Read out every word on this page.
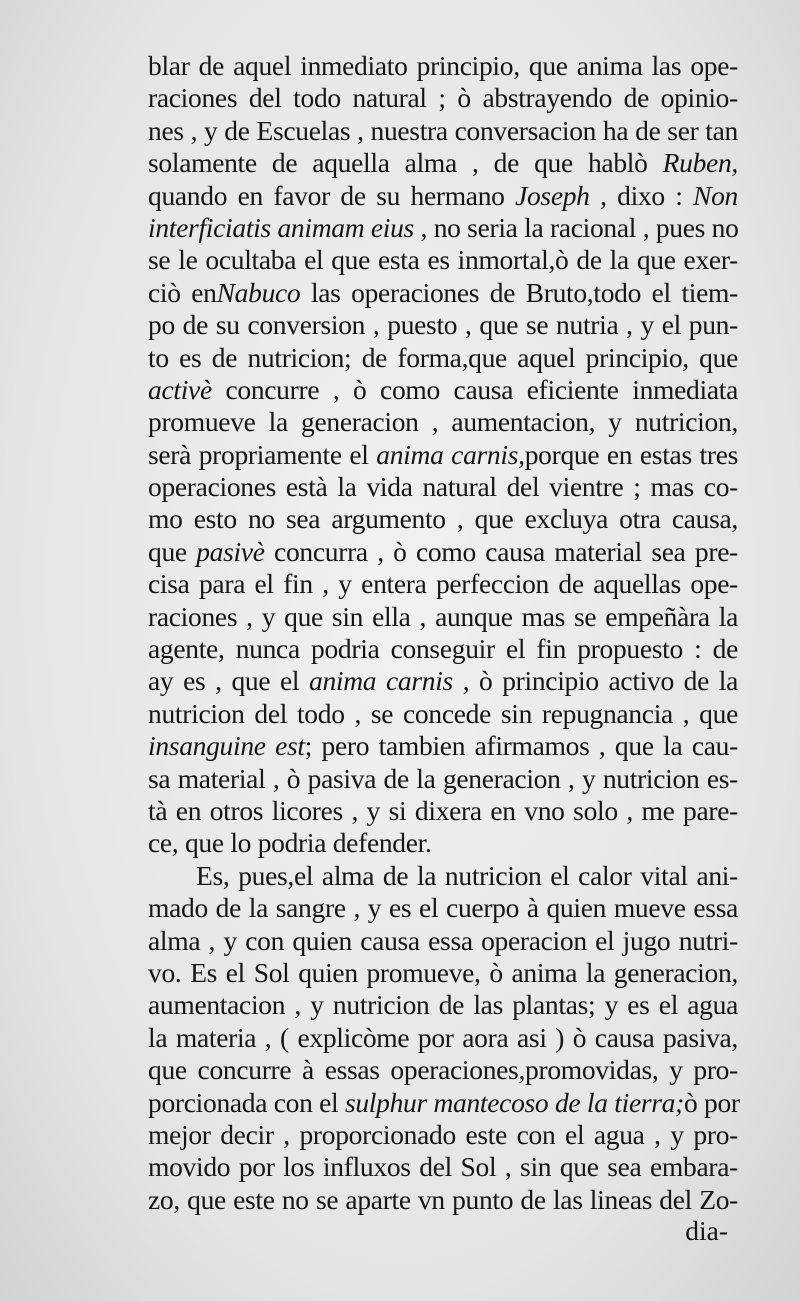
blar de aquel inmediato principio, que anima las ope-
raciones del todo natural ; ò abstrayendo de opinio-
nes , y de Escuelas , nuestra conversacion ha de ser tan
solamente de aquella alma , de que hablò Ruben,
quando en favor de su hermano Joseph , dixo : Non
interficiatis animam eius , no seria la racional , pues no
se le ocultaba el que esta es inmortal,ò de la que exer-
ciò enNabuco las operaciones de Bruto,todo el tiem-
po de su conversion , puesto , que se nutria , y el pun-
to es de nutricion; de forma,que aquel principio, que
activè concurre , ò como causa eficiente inmediata
promueve la generacion , aumentacion, y nutricion,
serà propriamente el anima carnis,porque en estas tres
operaciones està la vida natural del vientre ; mas co-
mo esto no sea argumento , que excluya otra causa,
que pasivè concurra , ò como causa material sea pre-
cisa para el fin , y entera perfeccion de aquellas ope-
raciones , y que sin ella , aunque mas se empeñàra la
agente, nunca podria conseguir el fin propuesto : de
ay es , que el anima carnis , ò principio activo de la
nutricion del todo , se concede sin repugnancia , que
insanguine est; pero tambien afirmamos , que la cau-
sa material , ò pasiva de la generacion , y nutricion es-
tà en otros licores , y si dixera en vno solo , me pare-
ce, que lo podria defender.
Es, pues,el alma de la nutricion el calor vital ani-
mado de la sangre , y es el cuerpo à quien mueve essa
alma , y con quien causa essa operacion el jugo nutri-
vo. Es el Sol quien promueve, ò anima la generacion,
aumentacion , y nutricion de las plantas; y es el agua
la materia , ( explicòme por aora asi ) ò causa pasiva,
que concurre à essas operaciones,promovidas, y pro-
porcionada con el sulphur mantecoso de la tierra;ò por
mejor decir , proporcionado este con el agua , y pro-
movido por los influxos del Sol , sin que sea embara-
zo, que este no se aparte vn punto de las lineas del Zo-
dia-
